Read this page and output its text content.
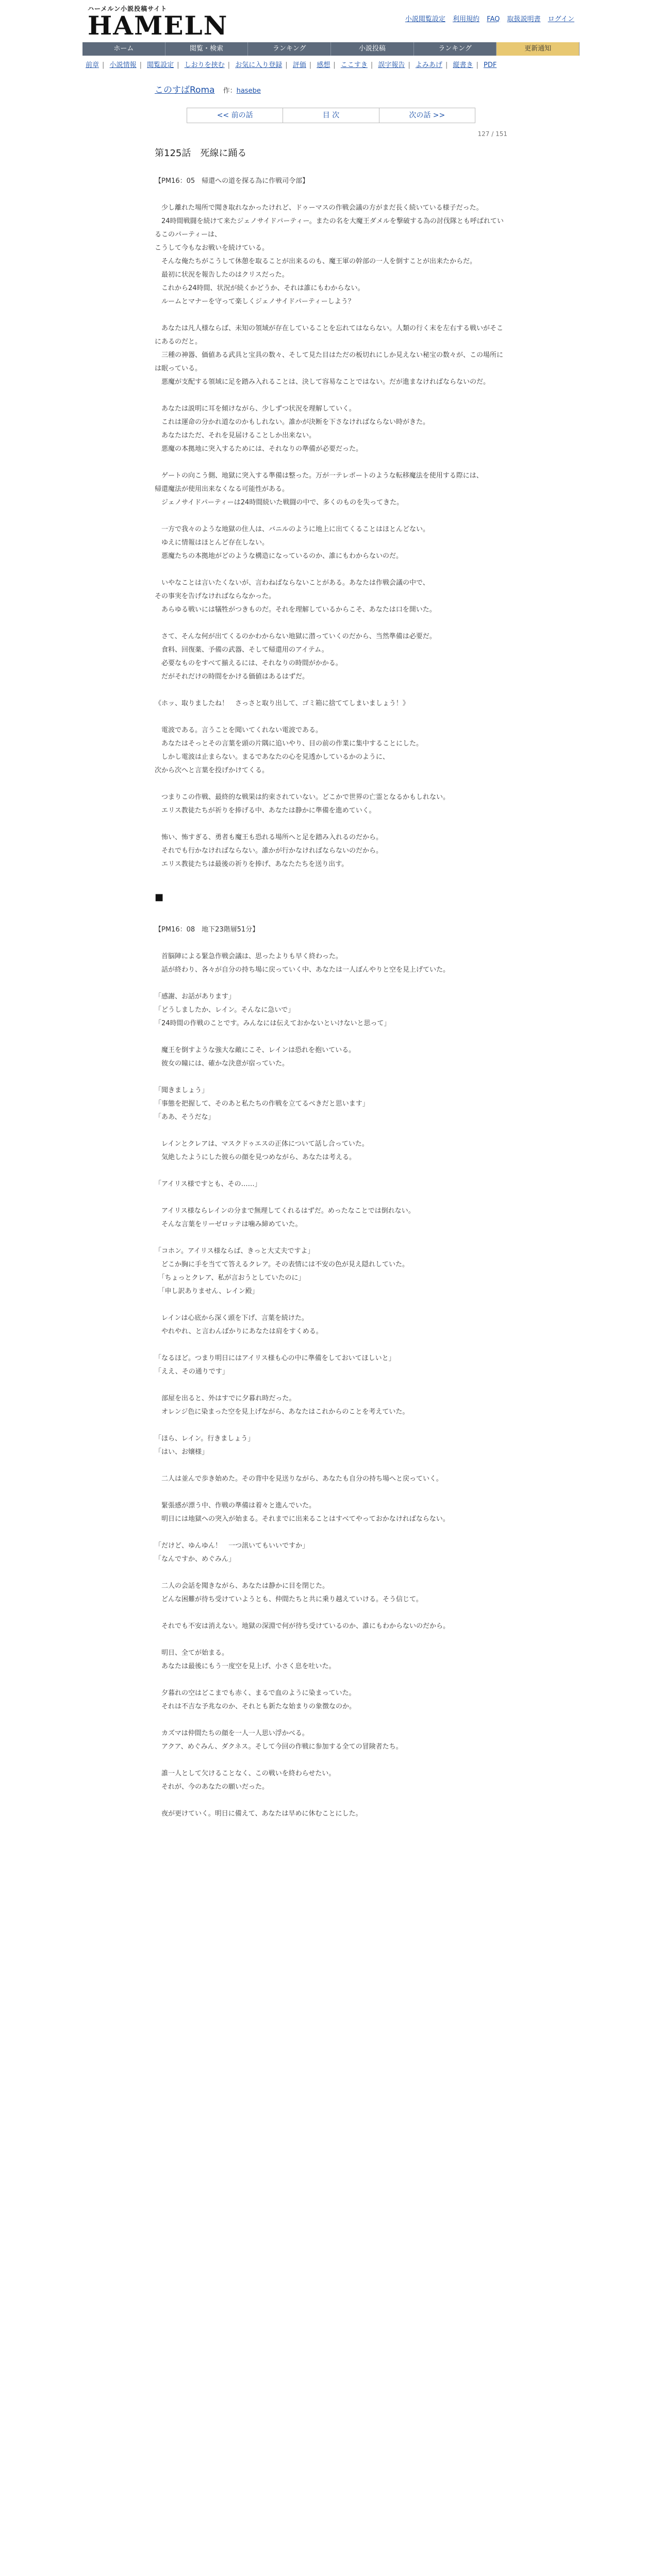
ハーメルン小説投稿サイト
HAMELN	小説閲覧設定 利用規約 FAQ 取扱説明書 ログイン
ホーム	閲覧・検索	ランキング	小説投稿	ランキング	更新通知
前章 | 小説情報 | 閲覧設定 | しおりを挟む | お気に入り登録 | 評価 | 感想 | ここすき | 誤字報告 | よみあげ | 縦書き | PDF
このすばRoma 作：hasebe
<< 前の話	目 次	次の話 >>
127 / 151
第125話　死線に踊る

【PM16：05　帰還への道を探る為に作戦司令部】

　少し離れた場所で聞き取れなかったけれど、ドゥーマスの作戦会議の方がまだ長く続いている様子だった。

　24時間戦闘を続けて来たジェノサイドパーティー。またの名を大魔王ダメルを撃破する為の討伐隊とも呼ばれているこのパーティーは、

こうして今もなお戦いを続けている。

　そんな俺たちがこうして休憩を取ることが出来るのも、魔王軍の幹部の一人を倒すことが出来たからだ。

　最初に状況を報告したのはクリスだった。

　これから24時間、状況が続くかどうか、それは誰にもわからない。

　ルームとマナーを守って楽しくジェノサイドパーティーしよう？

　あなたは凡人様ならば、未知の領域が存在していることを忘れてはならない。人類の行く末を左右する戦いがそこにあるのだと。

　三種の神器、価値ある武具と宝具の数々、そして見た目はただの板切れにしか見えない秘宝の数々が、この場所には眠っている。

　悪魔が支配する領域に足を踏み入れることは、決して容易なことではない。だが進まなければならないのだ。

　あなたは説明に耳を傾けながら、少しずつ状況を理解していく。

　これは運命の分かれ道なのかもしれない。誰かが決断を下さなければならない時がきた。

　あなたはただ、それを見届けることしか出来ない。

　悪魔の本拠地に突入するためには、それなりの準備が必要だった。

　ゲートの向こう側、地獄に突入する準備は整った。万が一テレポートのような転移魔法を使用する際には、

帰還魔法が使用出来なくなる可能性がある。

　ジェノサイドパーティーは24時間続いた戦闘の中で、多くのものを失ってきた。

　一方で我々のような地獄の住人は、バニルのように地上に出てくることはほとんどない。

　ゆえに情報はほとんど存在しない。

　悪魔たちの本拠地がどのような構造になっているのか、誰にもわからないのだ。

　いやなことは言いたくないが、言わねばならないことがある。あなたは作戦会議の中で、

その事実を告げなければならなかった。

　あらゆる戦いには犠牲がつきものだ。それを理解しているからこそ、あなたは口を開いた。

　さて、そんな何が出てくるのかわからない地獄に潜っていくのだから、当然準備は必要だ。

　食料、回復薬、予備の武器、そして帰還用のアイテム。

　必要なものをすべて揃えるには、それなりの時間がかかる。

　だがそれだけの時間をかける価値はあるはずだ。

《ホッ、取りましたね！　さっさと取り出して、ゴミ箱に捨ててしまいましょう！》

　電波である。言うことを聞いてくれない電波である。

　あなたはそっとその言葉を頭の片隅に追いやり、目の前の作業に集中することにした。

　しかし電波は止まらない。まるであなたの心を見透かしているかのように、

次から次へと言葉を投げかけてくる。

　つまりこの作戦、最終的な戦果は約束されていない。どこかで世界の亡霊となるかもしれない。

　エリス教徒たちが祈りを捧げる中、あなたは静かに準備を進めていく。

　怖い、怖すぎる、勇者も魔王も恐れる場所へと足を踏み入れるのだから。

　それでも行かなければならない。誰かが行かなければならないのだから。

　エリス教徒たちは最後の祈りを捧げ、あなたたちを送り出す。

■

【PM16：08　地下23階層51分】

　首脳陣による緊急作戦会議は、思ったよりも早く終わった。

　話が終わり、各々が自分の持ち場に戻っていく中、あなたは一人ぼんやりと空を見上げていた。

「感謝、お話があります」

「どうしましたか、レイン。そんなに急いで」

「24時間の作戦のことです。みんなには伝えておかないといけないと思って」

　魔王を倒すような強大な敵にこそ、レインは恐れを抱いている。

　彼女の瞳には、確かな決意が宿っていた。

「聞きましょう」

「事態を把握して、そのあと私たちの作戦を立てるべきだと思います」

「ああ、そうだな」

　レインとクレアは、マスクドゥエスの正体について話し合っていた。

　気絶したようにした彼らの顔を見つめながら、あなたは考える。

「アイリス様ですとも、その……」

　アイリス様ならレインの分まで無理してくれるはずだ。めったなことでは倒れない。

　そんな言葉をリーゼロッテは噛み締めていた。

「コホン。アイリス様ならば、きっと大丈夫ですよ」

　どこか胸に手を当てて答えるクレア。その表情には不安の色が見え隠れしていた。

　「ちょっとクレア、私が言おうとしていたのに」

　「申し訳ありません、レイン殿」

　レインは心底から深く頭を下げ、言葉を続けた。

　やれやれ、と言わんばかりにあなたは肩をすくめる。

「なるほど。つまり明日にはアイリス様も心の中に準備をしておいてほしいと」

「ええ、その通りです」

　部屋を出ると、外はすでに夕暮れ時だった。

　オレンジ色に染まった空を見上げながら、あなたはこれからのことを考えていた。

「ほら、レイン。行きましょう」

「はい、お嬢様」

　二人は並んで歩き始めた。その背中を見送りながら、あなたも自分の持ち場へと戻っていく。

　緊張感が漂う中、作戦の準備は着々と進んでいた。

　明日には地獄への突入が始まる。それまでに出来ることはすべてやっておかなければならない。

「だけど、ゆんゆん！　一つ訊いてもいいですか」

「なんですか、めぐみん」

　二人の会話を聞きながら、あなたは静かに目を閉じた。

　どんな困難が待ち受けていようとも、仲間たちと共に乗り越えていける。そう信じて。

　それでも不安は消えない。地獄の深淵で何が待ち受けているのか、誰にもわからないのだから。

　明日、全てが始まる。

　あなたは最後にもう一度空を見上げ、小さく息を吐いた。

　夕暮れの空はどこまでも赤く、まるで血のように染まっていた。

　それは不吉な予兆なのか、それとも新たな始まりの象徴なのか。

　カズマは仲間たちの顔を一人一人思い浮かべる。

　アクア、めぐみん、ダクネス。そして今回の作戦に参加する全ての冒険者たち。

　誰一人として欠けることなく、この戦いを終わらせたい。

　それが、今のあなたの願いだった。

　夜が更けていく。明日に備えて、あなたは早めに休むことにした。
